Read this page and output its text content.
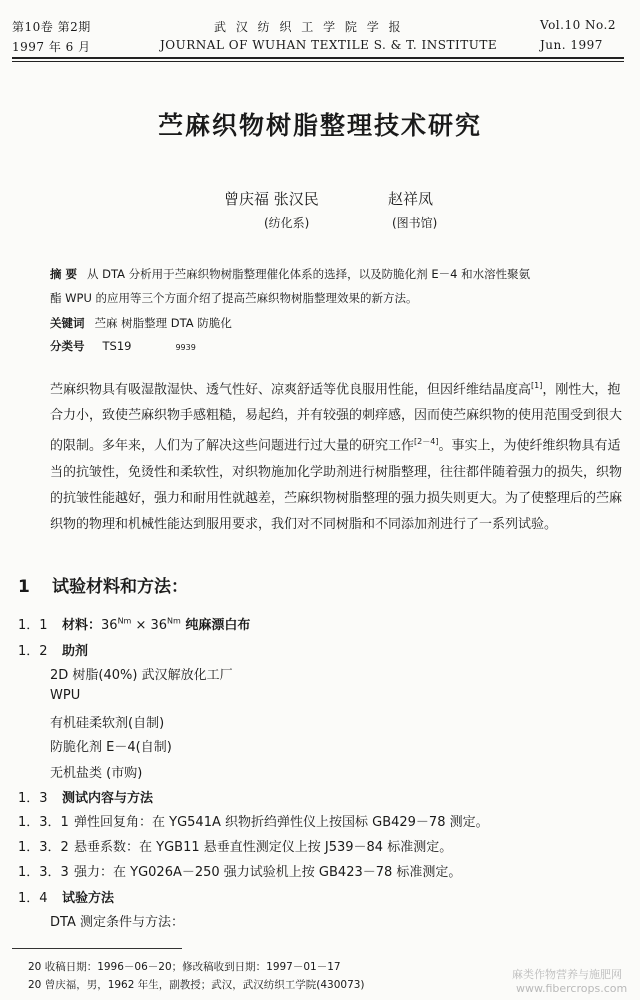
第10卷 第2期	武 汉 纺 织 工 学 院 学 报	Vol.10 No.2
1997 年 6 月	JOURNAL OF WUHAN TEXTILE S. & T. INSTITUTE	Jun. 1997
苎麻织物树脂整理技术研究
曾庆福 张汉民	赵祥凤
(纺化系)	(图书馆)
摘 要 从 DTA 分析用于苎麻织物树脂整理催化体系的选择，以及防脆化剂 E－4 和水溶性聚氨
酯 WPU 的应用等三个方面介绍了提高苎麻织物树脂整理效果的新方法。
关键词 苎麻 树脂整理 DTA 防脆化
分类号 TS19	9939
苎麻织物具有吸湿散湿快、透气性好、凉爽舒适等优良服用性能，但因纤维结晶度高[1]，刚性大，抱合力小，致使苎麻织物手感粗糙，易起绉，并有较强的刺痒感，因而使苎麻织物的使用范围受到很大的限制。多年来，人们为了解决这些问题进行过大量的研究工作[2－4]。事实上，为使纤维织物具有适当的抗皱性，免烫性和柔软性，对织物施加化学助剂进行树脂整理，往往都伴随着强力的损失，织物的抗皱性能越好，强力和耐用性就越差，苎麻织物树脂整理的强力损失则更大。为了使整理后的苎麻织物的物理和机械性能达到服用要求，我们对不同树脂和不同添加剂进行了一系列试验。
1 试验材料和方法：
1．1 材料：$36^{Nm} \times 36^{Nm}$ 纯麻漂白布
1．2 助剂
2D 树脂(40%) 武汉解放化工厂
WPU
有机硅柔软剂(自制)
防脆化剂 E－4(自制)
无机盐类 (市购)
1．3 测试内容与方法
1．3．1 弹性回复角：在 YG541A 织物折绉弹性仪上按国标 GB429－78 测定。
1．3．2 悬垂系数：在 YGB11 悬垂直性测定仪上按 J539－84 标准测定。
1．3．3 强力：在 YG026A－250 强力试验机上按 GB423－78 标准测定。
1．4 试验方法
DTA 测定条件与方法：
20 收稿日期：1996－06－20；修改稿收到日期：1997－01－17
20 曾庆福，男，1962 年生，副教授；武汉，武汉纺织工学院(430073)
麻类作物营养与施肥网
www.fibercrops.com
